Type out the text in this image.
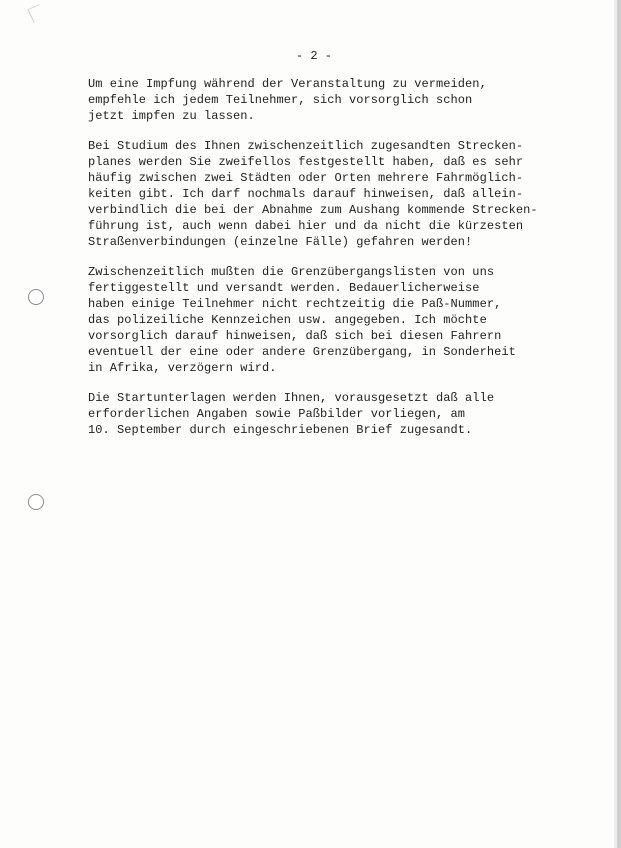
- 2 -
Um eine Impfung während der Veranstaltung zu vermeiden,
empfehle ich jedem Teilnehmer, sich vorsorglich schon
jetzt impfen zu lassen.
Bei Studium des Ihnen zwischenzeitlich zugesandten Strecken-
planes werden Sie zweifellos festgestellt haben, daß es sehr
häufig zwischen zwei Städten oder Orten mehrere Fahrmöglich-
keiten gibt. Ich darf nochmals darauf hinweisen, daß allein-
verbindlich die bei der Abnahme zum Aushang kommende Strecken-
führung ist, auch wenn dabei hier und da nicht die kürzesten
Straßenverbindungen (einzelne Fälle) gefahren werden!
Zwischenzeitlich mußten die Grenzübergangslisten von uns
fertiggestellt und versandt werden. Bedauerlicherweise
haben einige Teilnehmer nicht rechtzeitig die Paß-Nummer,
das polizeiliche Kennzeichen usw. angegeben. Ich möchte
vorsorglich darauf hinweisen, daß sich bei diesen Fahrern
eventuell der eine oder andere Grenzübergang, in Sonderheit
in Afrika, verzögern wird.
Die Startunterlagen werden Ihnen, vorausgesetzt daß alle
erforderlichen Angaben sowie Paßbilder vorliegen, am
10. September durch eingeschriebenen Brief zugesandt.
